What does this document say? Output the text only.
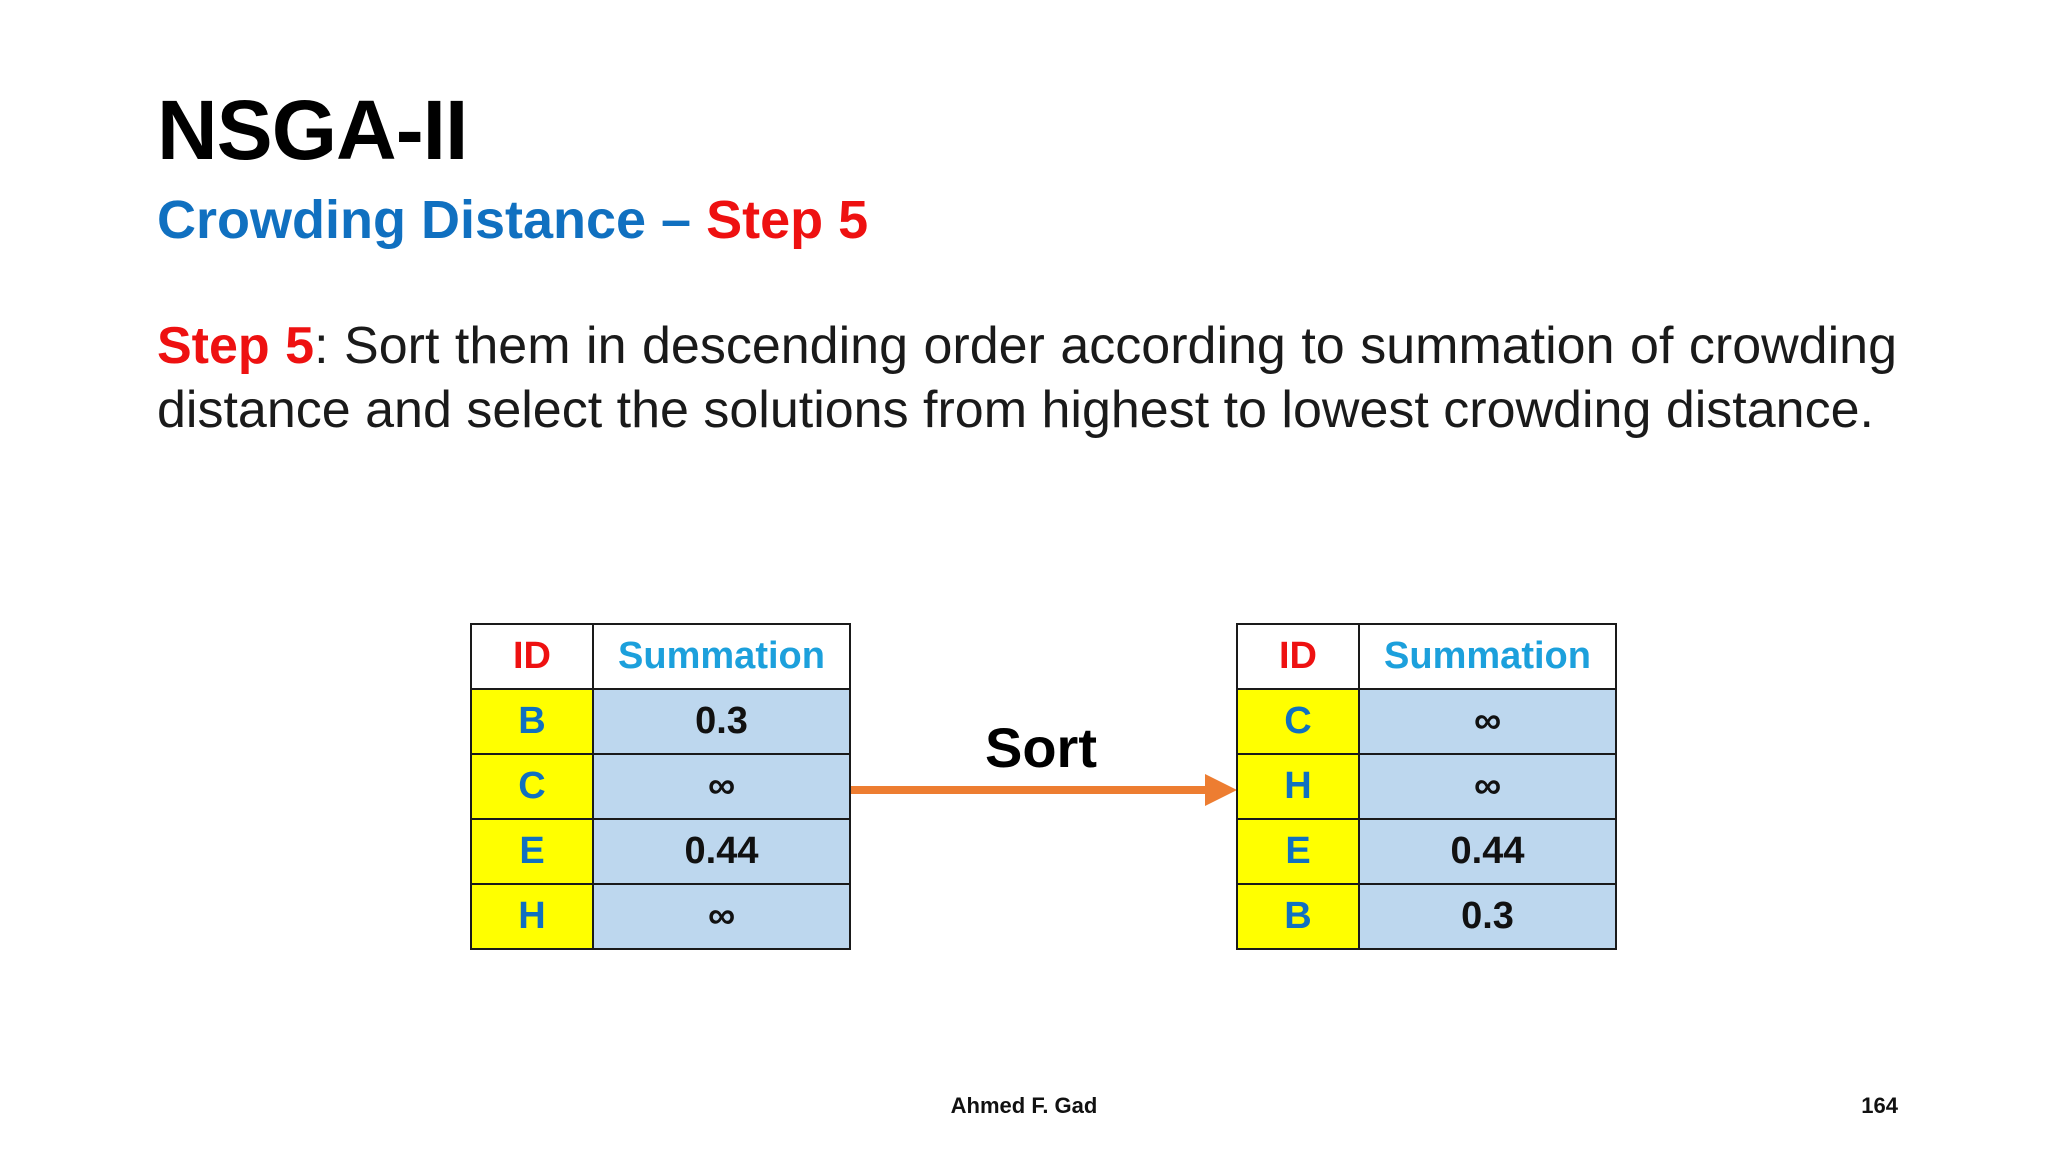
NSGA-II
Crowding Distance – Step 5

Step 5: Sort them in descending order according to summation of crowding distance and select the solutions from highest to lowest crowding distance.

ID	Summation
B	0.3
C	∞
E	0.44
H	∞
Sort
ID	Summation
C	∞
H	∞
E	0.44
B	0.3
Ahmed F. Gad	164
